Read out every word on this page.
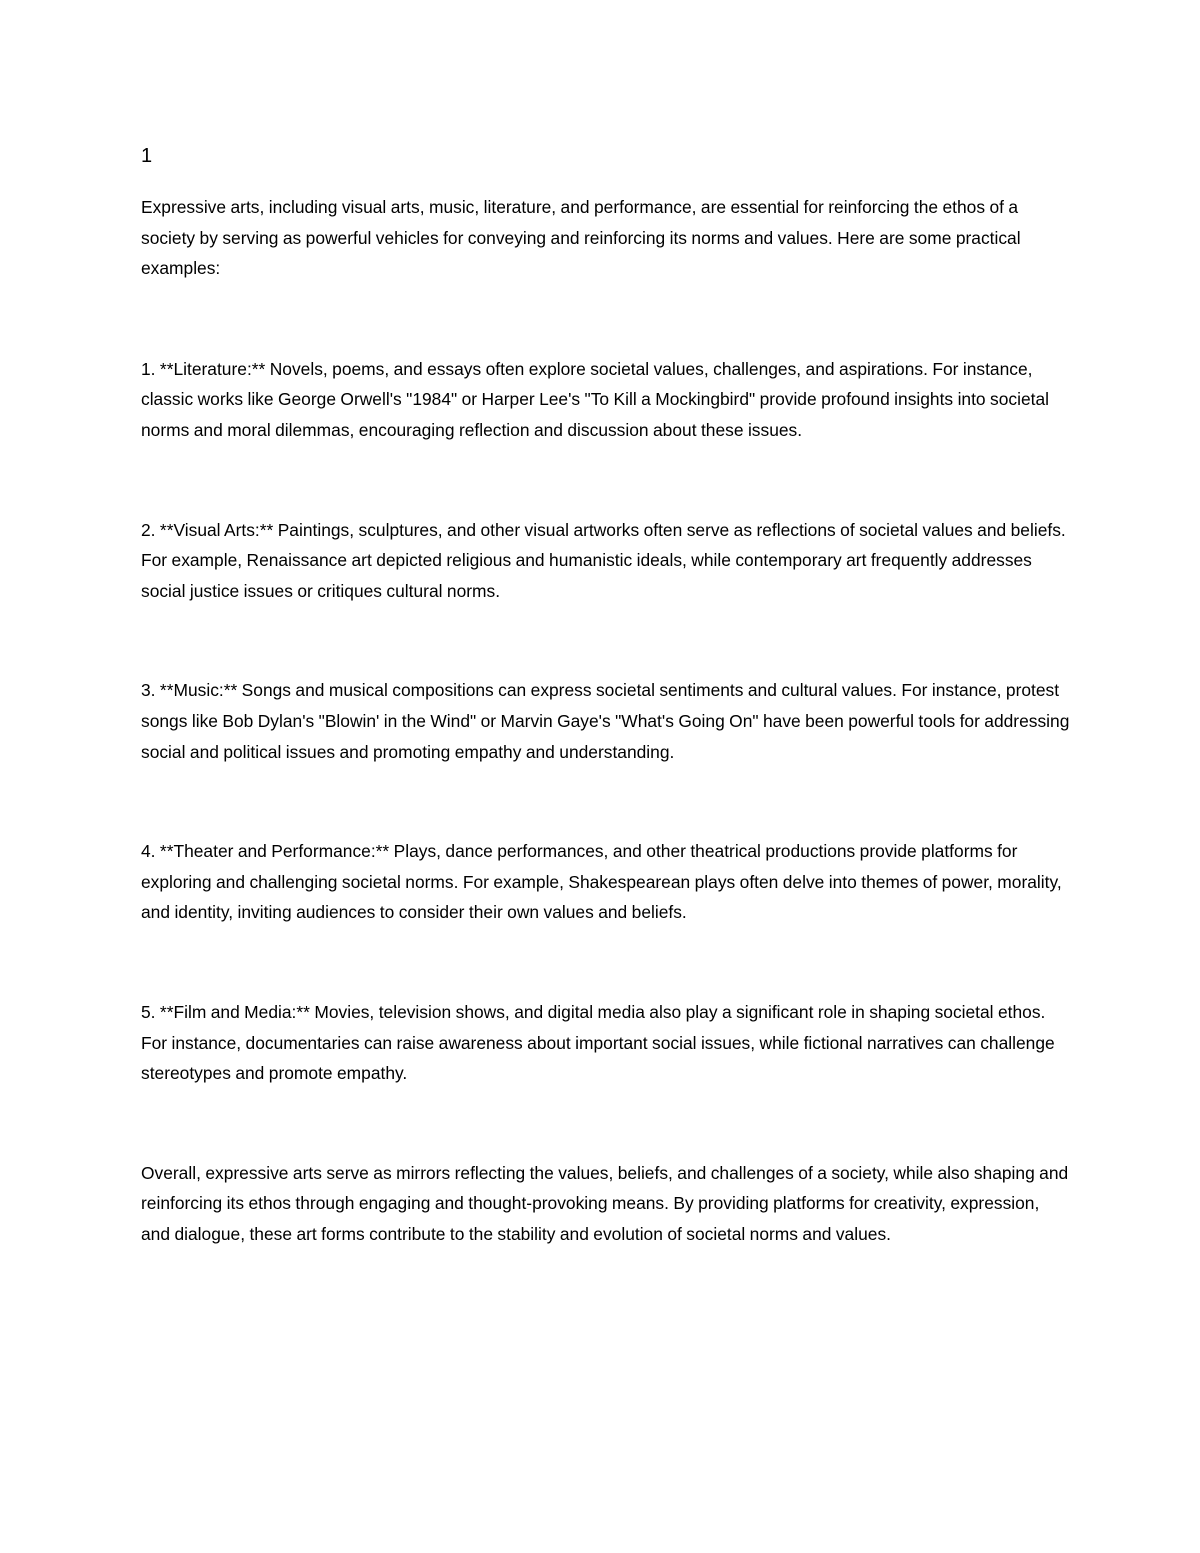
1

Expressive arts, including visual arts, music, literature, and performance, are essential for reinforcing the ethos of a society by serving as powerful vehicles for conveying and reinforcing its norms and values. Here are some practical examples:

1. **Literature:** Novels, poems, and essays often explore societal values, challenges, and aspirations. For instance, classic works like George Orwell's "1984" or Harper Lee's "To Kill a Mockingbird" provide profound insights into societal norms and moral dilemmas, encouraging reflection and discussion about these issues.

2. **Visual Arts:** Paintings, sculptures, and other visual artworks often serve as reflections of societal values and beliefs. For example, Renaissance art depicted religious and humanistic ideals, while contemporary art frequently addresses social justice issues or critiques cultural norms.

3. **Music:** Songs and musical compositions can express societal sentiments and cultural values. For instance, protest songs like Bob Dylan's "Blowin' in the Wind" or Marvin Gaye's "What's Going On" have been powerful tools for addressing social and political issues and promoting empathy and understanding.

4. **Theater and Performance:** Plays, dance performances, and other theatrical productions provide platforms for exploring and challenging societal norms. For example, Shakespearean plays often delve into themes of power, morality, and identity, inviting audiences to consider their own values and beliefs.

5. **Film and Media:** Movies, television shows, and digital media also play a significant role in shaping societal ethos. For instance, documentaries can raise awareness about important social issues, while fictional narratives can challenge stereotypes and promote empathy.

Overall, expressive arts serve as mirrors reflecting the values, beliefs, and challenges of a society, while also shaping and reinforcing its ethos through engaging and thought-provoking means. By providing platforms for creativity, expression, and dialogue, these art forms contribute to the stability and evolution of societal norms and values.
